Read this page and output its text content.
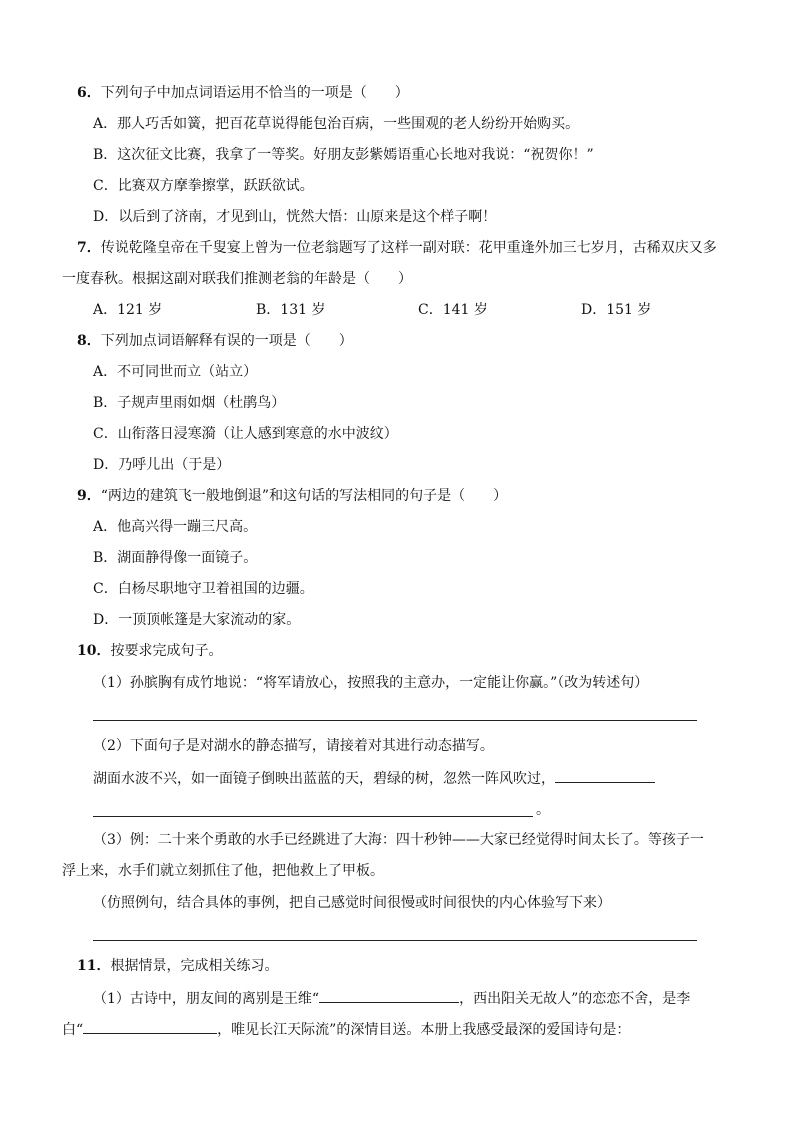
6．下列句子中加点词语运用不恰当的一项是（　　）
A．那人巧舌如簧，把百花草说得能包治百病，一些围观的老人纷纷开始购买。
B．这次征文比赛，我拿了一等奖。好朋友彭紫嫣语重心长地对我说：“祝贺你！”
C．比赛双方摩拳擦掌，跃跃欲试。
D．以后到了济南，才见到山，恍然大悟：山原来是这个样子啊！
7．传说乾隆皇帝在千叟宴上曾为一位老翁题写了这样一副对联：花甲重逢外加三七岁月，古稀双庆又多
一度春秋。根据这副对联我们推测老翁的年龄是（　　）
A．121 岁	B．131 岁	C．141 岁	D．151 岁
8．下列加点词语解释有误的一项是（　　）
A．不可同世而立（站立）
B．子规声里雨如烟（杜鹃鸟）
C．山衔落日浸寒漪（让人感到寒意的水中波纹）
D．乃呼儿出（于是）
9．“两边的建筑飞一般地倒退”和这句话的写法相同的句子是（　　）
A．他高兴得一蹦三尺高。
B．湖面静得像一面镜子。
C．白杨尽职地守卫着祖国的边疆。
D．一顶顶帐篷是大家流动的家。
10．按要求完成句子。
（1）孙膑胸有成竹地说：“将军请放心，按照我的主意办，一定能让你赢。”（改为转述句）
（2）下面句子是对湖水的静态描写，请接着对其进行动态描写。
湖面水波不兴，如一面镜子倒映出蓝蓝的天，碧绿的树，忽然一阵风吹过，
。
（3）例：二十来个勇敢的水手已经跳进了大海：四十秒钟——大家已经觉得时间太长了。等孩子一
浮上来，水手们就立刻抓住了他，把他救上了甲板。
（仿照例句，结合具体的事例，把自己感觉时间很慢或时间很快的内心体验写下来）
11．根据情景，完成相关练习。
（1）古诗中，朋友间的离别是王维“	，西出阳关无故人”的恋恋不舍，是李
白“	，唯见长江天际流”的深情目送。本册上我感受最深的爱国诗句是：
